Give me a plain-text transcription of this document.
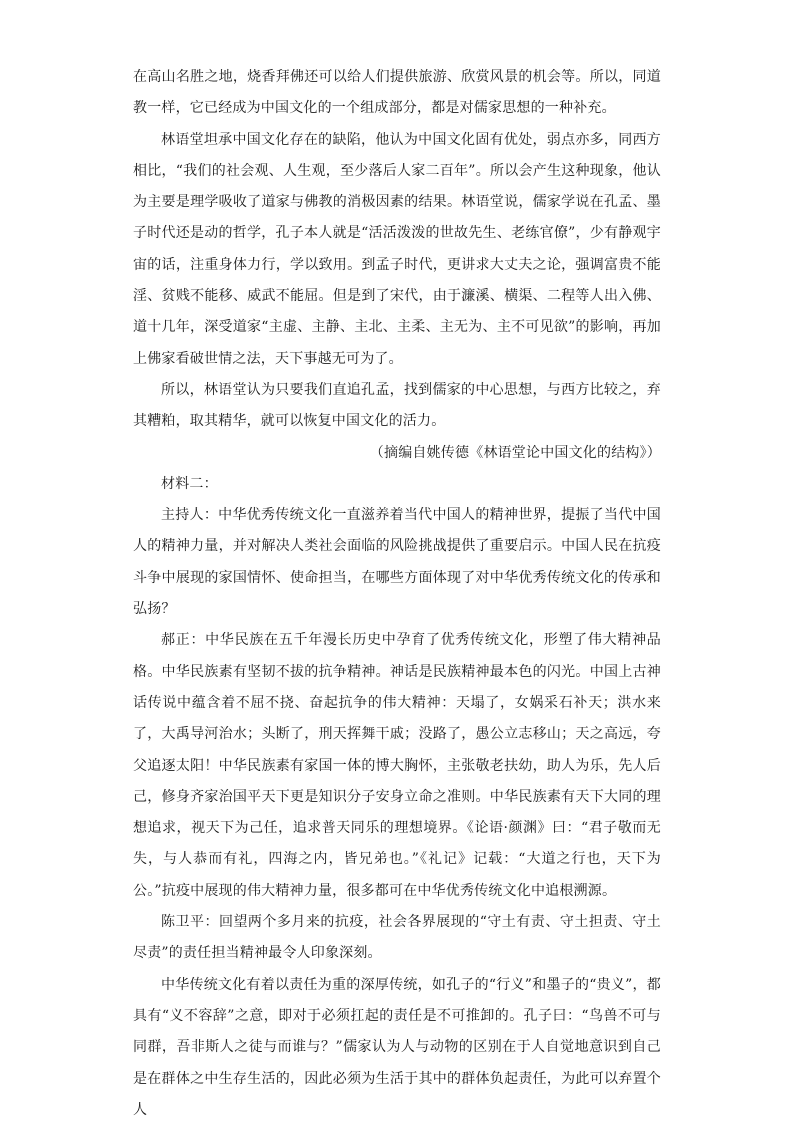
在高山名胜之地，烧香拜佛还可以给人们提供旅游、欣赏风景的机会等。所以，同道教一样，它已经成为中国文化的一个组成部分，都是对儒家思想的一种补充。

林语堂坦承中国文化存在的缺陷，他认为中国文化固有优处，弱点亦多，同西方相比，“我们的社会观、人生观，至少落后人家二百年”。所以会产生这种现象，他认为主要是理学吸收了道家与佛教的消极因素的结果。林语堂说，儒家学说在孔孟、墨子时代还是动的哲学，孔子本人就是“活活泼泼的世故先生、老练官僚”，少有静观宇宙的话，注重身体力行，学以致用。到孟子时代，更讲求大丈夫之论，强调富贵不能淫、贫贱不能移、威武不能屈。但是到了宋代，由于濂溪、横渠、二程等人出入佛、道十几年，深受道家“主虚、主静、主北、主柔、主无为、主不可见欲”的影响，再加上佛家看破世情之法，天下事越无可为了。

所以，林语堂认为只要我们直追孔孟，找到儒家的中心思想，与西方比较之，弃其糟粕，取其精华，就可以恢复中国文化的活力。

（摘编自姚传德《林语堂论中国文化的结构》）

材料二：

主持人：中华优秀传统文化一直滋养着当代中国人的精神世界，提振了当代中国人的精神力量，并对解决人类社会面临的风险挑战提供了重要启示。中国人民在抗疫斗争中展现的家国情怀、使命担当，在哪些方面体现了对中华优秀传统文化的传承和弘扬？

郝正：中华民族在五千年漫长历史中孕育了优秀传统文化，形塑了伟大精神品格。中华民族素有坚韧不拔的抗争精神。神话是民族精神最本色的闪光。中国上古神话传说中蕴含着不屈不挠、奋起抗争的伟大精神：天塌了，女娲采石补天；洪水来了，大禹导河治水；头断了，刑天挥舞干戚；没路了，愚公立志移山；天之高远，夸父追逐太阳！中华民族素有家国一体的博大胸怀，主张敬老扶幼，助人为乐，先人后己，修身齐家治国平天下更是知识分子安身立命之准则。中华民族素有天下大同的理想追求，视天下为己任，追求普天同乐的理想境界。《论语·颜渊》曰：“君子敬而无失，与人恭而有礼，四海之内，皆兄弟也。”《礼记》记载：“大道之行也，天下为公。”抗疫中展现的伟大精神力量，很多都可在中华优秀传统文化中追根溯源。

陈卫平：回望两个多月来的抗疫，社会各界展现的“守土有责、守土担责、守土尽责”的责任担当精神最令人印象深刻。

中华传统文化有着以责任为重的深厚传统，如孔子的“行义”和墨子的“贵义”，都具有“义不容辞”之意，即对于必须扛起的责任是不可推卸的。孔子曰：“鸟兽不可与同群，吾非斯人之徒与而谁与？”儒家认为人与动物的区别在于人自觉地意识到自己是在群体之中生存生活的，因此必须为生活于其中的群体负起责任，为此可以弃置个人
